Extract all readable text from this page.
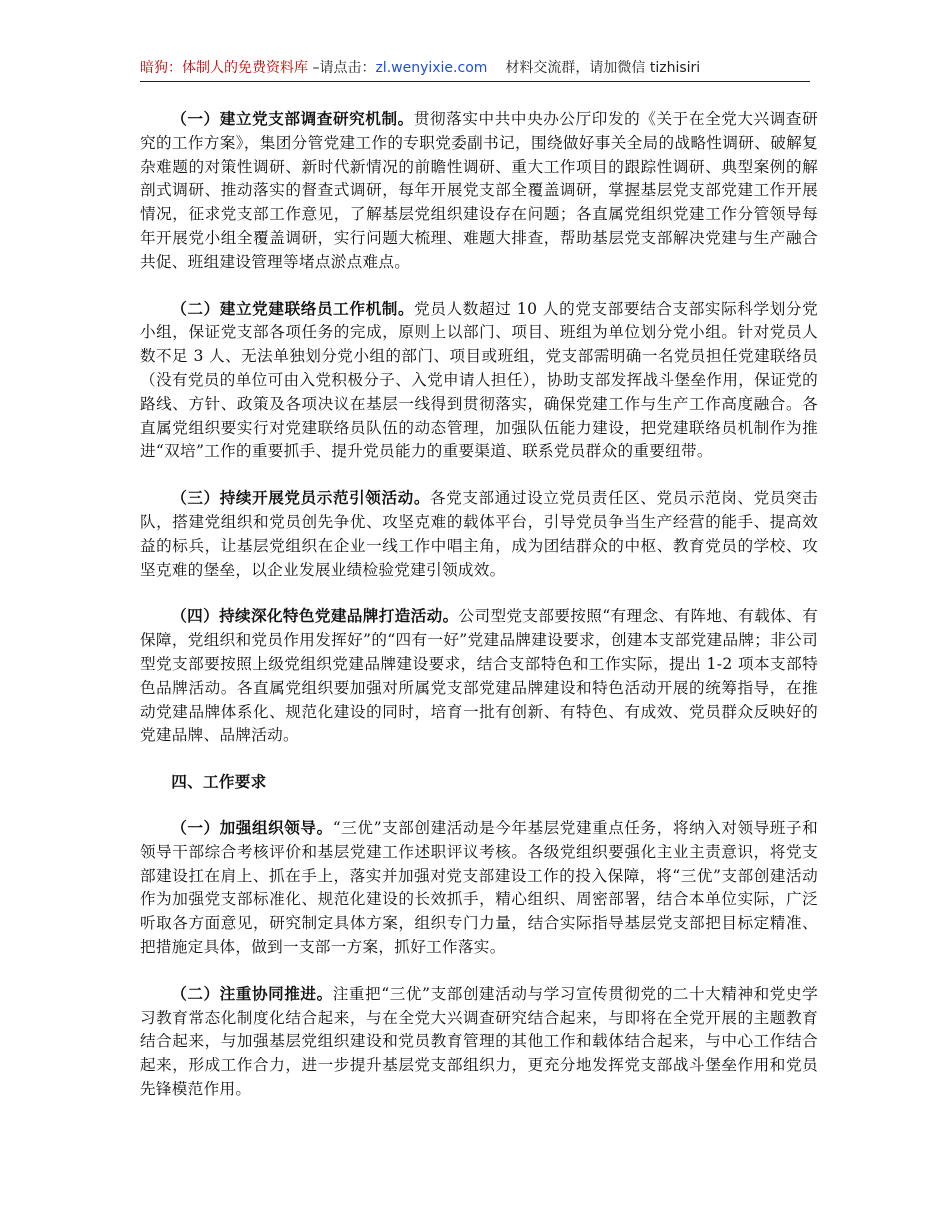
暗狗：体制人的免费资料库 –请点击：zl.wenyixie.com 材料交流群，请加微信 tizhisiri

（一）建立党支部调查研究机制。贯彻落实中共中央办公厅印发的《关于在全党大兴调查研究的工作方案》，集团分管党建工作的专职党委副书记，围绕做好事关全局的战略性调研、破解复杂难题的对策性调研、新时代新情况的前瞻性调研、重大工作项目的跟踪性调研、典型案例的解剖式调研、推动落实的督查式调研，每年开展党支部全覆盖调研，掌握基层党支部党建工作开展情况，征求党支部工作意见，了解基层党组织建设存在问题；各直属党组织党建工作分管领导每年开展党小组全覆盖调研，实行问题大梳理、难题大排查，帮助基层党支部解决党建与生产融合共促、班组建设管理等堵点淤点难点。

（二）建立党建联络员工作机制。党员人数超过 10 人的党支部要结合支部实际科学划分党小组，保证党支部各项任务的完成，原则上以部门、项目、班组为单位划分党小组。针对党员人数不足 3 人、无法单独划分党小组的部门、项目或班组，党支部需明确一名党员担任党建联络员（没有党员的单位可由入党积极分子、入党申请人担任），协助支部发挥战斗堡垒作用，保证党的路线、方针、政策及各项决议在基层一线得到贯彻落实，确保党建工作与生产工作高度融合。各直属党组织要实行对党建联络员队伍的动态管理，加强队伍能力建设，把党建联络员机制作为推进“双培”工作的重要抓手、提升党员能力的重要渠道、联系党员群众的重要纽带。

（三）持续开展党员示范引领活动。各党支部通过设立党员责任区、党员示范岗、党员突击队，搭建党组织和党员创先争优、攻坚克难的载体平台，引导党员争当生产经营的能手、提高效益的标兵，让基层党组织在企业一线工作中唱主角，成为团结群众的中枢、教育党员的学校、攻坚克难的堡垒，以企业发展业绩检验党建引领成效。

（四）持续深化特色党建品牌打造活动。公司型党支部要按照“有理念、有阵地、有载体、有保障，党组织和党员作用发挥好”的“四有一好”党建品牌建设要求，创建本支部党建品牌；非公司型党支部要按照上级党组织党建品牌建设要求，结合支部特色和工作实际，提出 1-2 项本支部特色品牌活动。各直属党组织要加强对所属党支部党建品牌建设和特色活动开展的统筹指导，在推动党建品牌体系化、规范化建设的同时，培育一批有创新、有特色、有成效、党员群众反映好的党建品牌、品牌活动。

四、工作要求

（一）加强组织领导。“三优”支部创建活动是今年基层党建重点任务，将纳入对领导班子和领导干部综合考核评价和基层党建工作述职评议考核。各级党组织要强化主业主责意识，将党支部建设扛在肩上、抓在手上，落实并加强对党支部建设工作的投入保障，将“三优”支部创建活动作为加强党支部标准化、规范化建设的长效抓手，精心组织、周密部署，结合本单位实际，广泛听取各方面意见，研究制定具体方案，组织专门力量，结合实际指导基层党支部把目标定精准、把措施定具体，做到一支部一方案，抓好工作落实。

（二）注重协同推进。注重把“三优”支部创建活动与学习宣传贯彻党的二十大精神和党史学习教育常态化制度化结合起来，与在全党大兴调查研究结合起来，与即将在全党开展的主题教育结合起来，与加强基层党组织建设和党员教育管理的其他工作和载体结合起来，与中心工作结合起来，形成工作合力，进一步提升基层党支部组织力，更充分地发挥党支部战斗堡垒作用和党员先锋模范作用。
